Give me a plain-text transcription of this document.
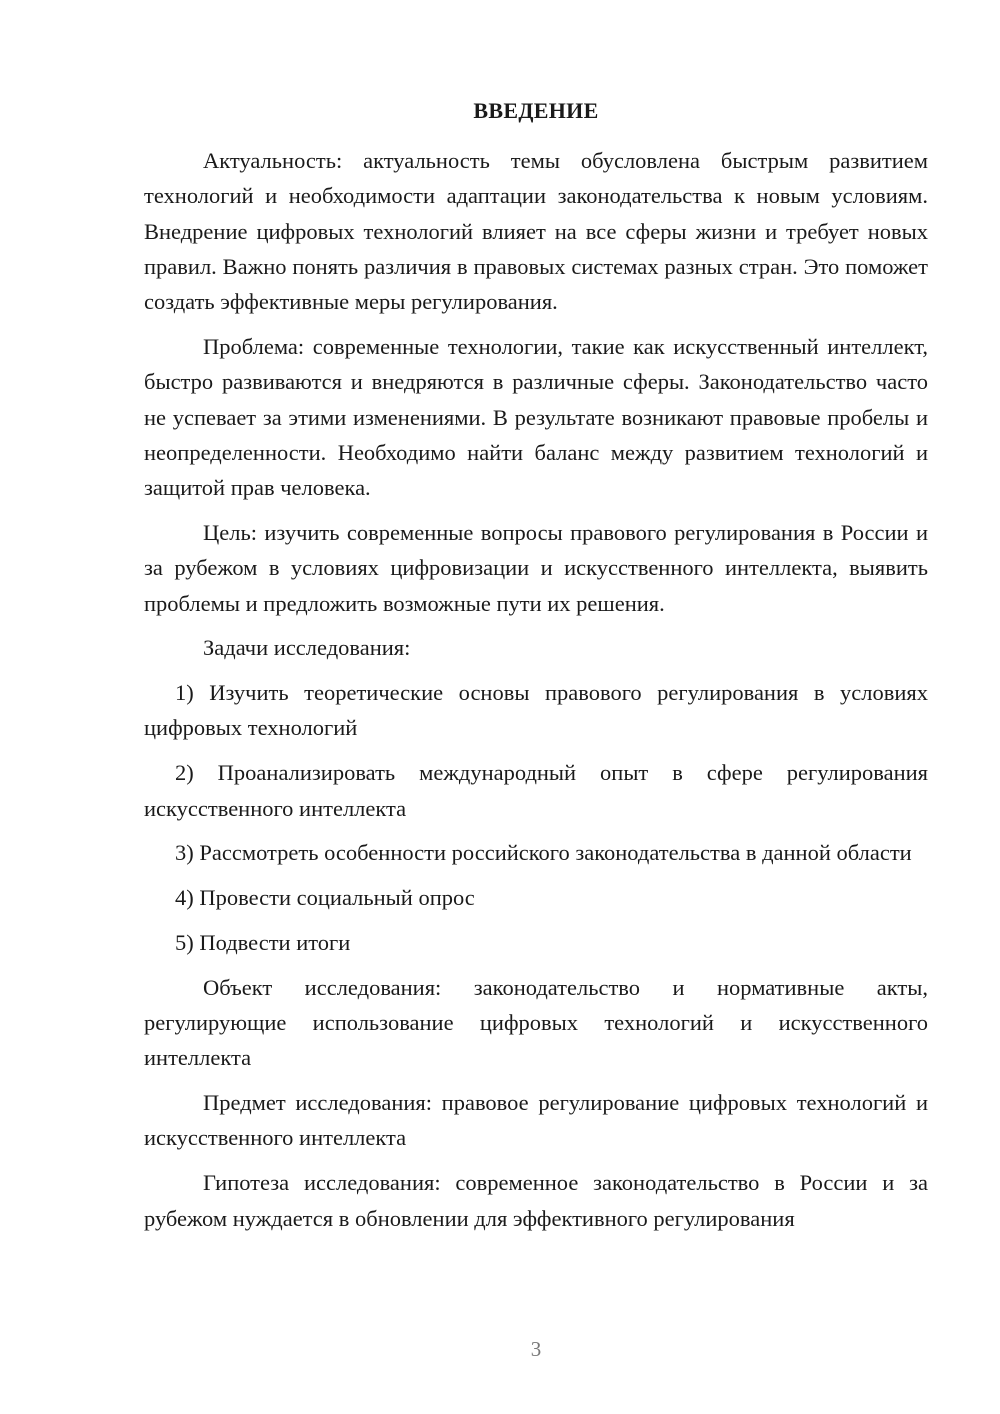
ВВЕДЕНИЕ

Актуальность: актуальность темы обусловлена быстрым развитием технологий и необходимости адаптации законодательства к новым условиям. Внедрение цифровых технологий влияет на все сферы жизни и требует новых правил. Важно понять различия в правовых системах разных стран. Это поможет создать эффективные меры регулирования.

Проблема: современные технологии, такие как искусственный интеллект, быстро развиваются и внедряются в различные сферы. Законодательство часто не успевает за этими изменениями. В результате возникают правовые пробелы и неопределенности. Необходимо найти баланс между развитием технологий и защитой прав человека.

Цель: изучить современные вопросы правового регулирования в России и за рубежом в условиях цифровизации и искусственного интеллекта, выявить проблемы и предложить возможные пути их решения.

Задачи исследования:

1) Изучить теоретические основы правового регулирования в условиях цифровых технологий

2) Проанализировать международный опыт в сфере регулирования искусственного интеллекта

3) Рассмотреть особенности российского законодательства в данной области

4) Провести социальный опрос

5) Подвести итоги

Объект исследования: законодательство и нормативные акты, регулирующие использование цифровых технологий и искусственного интеллекта

Предмет исследования: правовое регулирование цифровых технологий и искусственного интеллекта

Гипотеза исследования: современное законодательство в России и за рубежом нуждается в обновлении для эффективного регулирования

3
